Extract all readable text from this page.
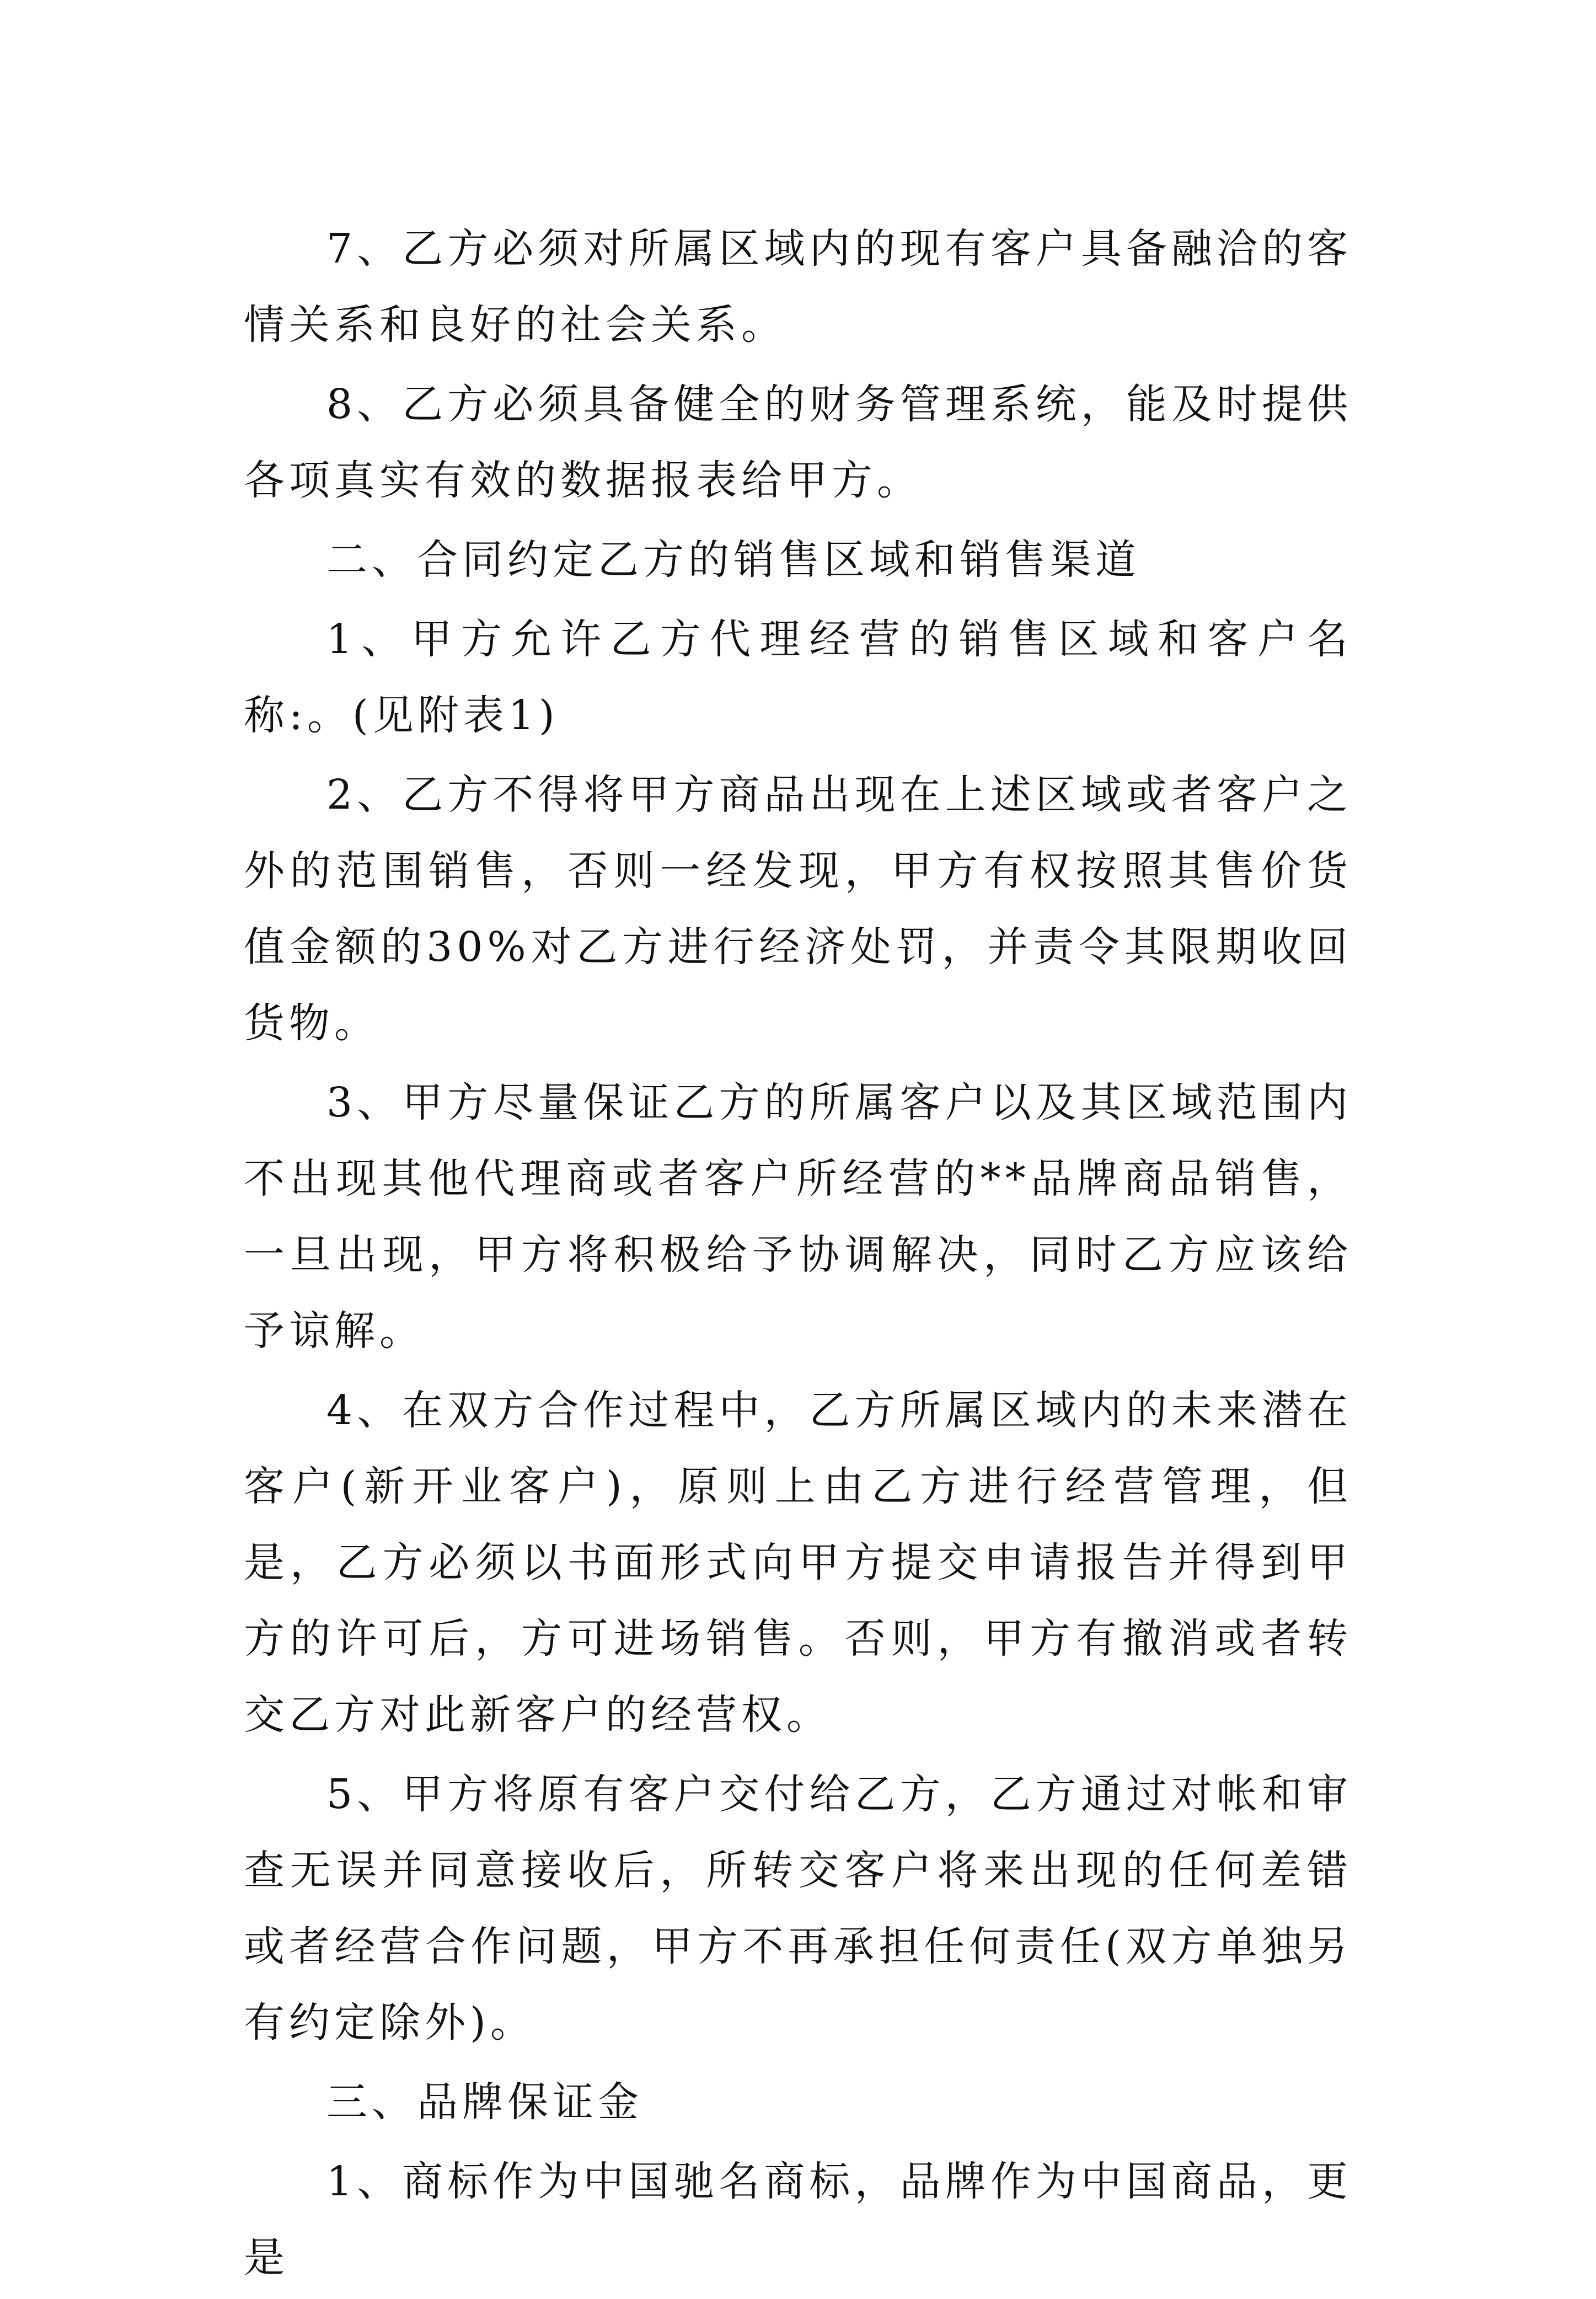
7、乙方必须对所属区域内的现有客户具备融洽的客情关系和良好的社会关系。

8、乙方必须具备健全的财务管理系统，能及时提供各项真实有效的数据报表给甲方。

二、合同约定乙方的销售区域和销售渠道

1、甲方允许乙方代理经营的销售区域和客户名称:。(见附表1)

2、乙方不得将甲方商品出现在上述区域或者客户之外的范围销售，否则一经发现，甲方有权按照其售价货值金额的30%对乙方进行经济处罚，并责令其限期收回货物。

3、甲方尽量保证乙方的所属客户以及其区域范围内不出现其他代理商或者客户所经营的**品牌商品销售，一旦出现，甲方将积极给予协调解决，同时乙方应该给予谅解。

4、在双方合作过程中，乙方所属区域内的未来潜在客户(新开业客户)，原则上由乙方进行经营管理，但是，乙方必须以书面形式向甲方提交申请报告并得到甲方的许可后，方可进场销售。否则，甲方有撤消或者转交乙方对此新客户的经营权。

5、甲方将原有客户交付给乙方，乙方通过对帐和审查无误并同意接收后，所转交客户将来出现的任何差错或者经营合作问题，甲方不再承担任何责任(双方单独另有约定除外)。

三、品牌保证金

1、商标作为中国驰名商标，品牌作为中国商品，更是
